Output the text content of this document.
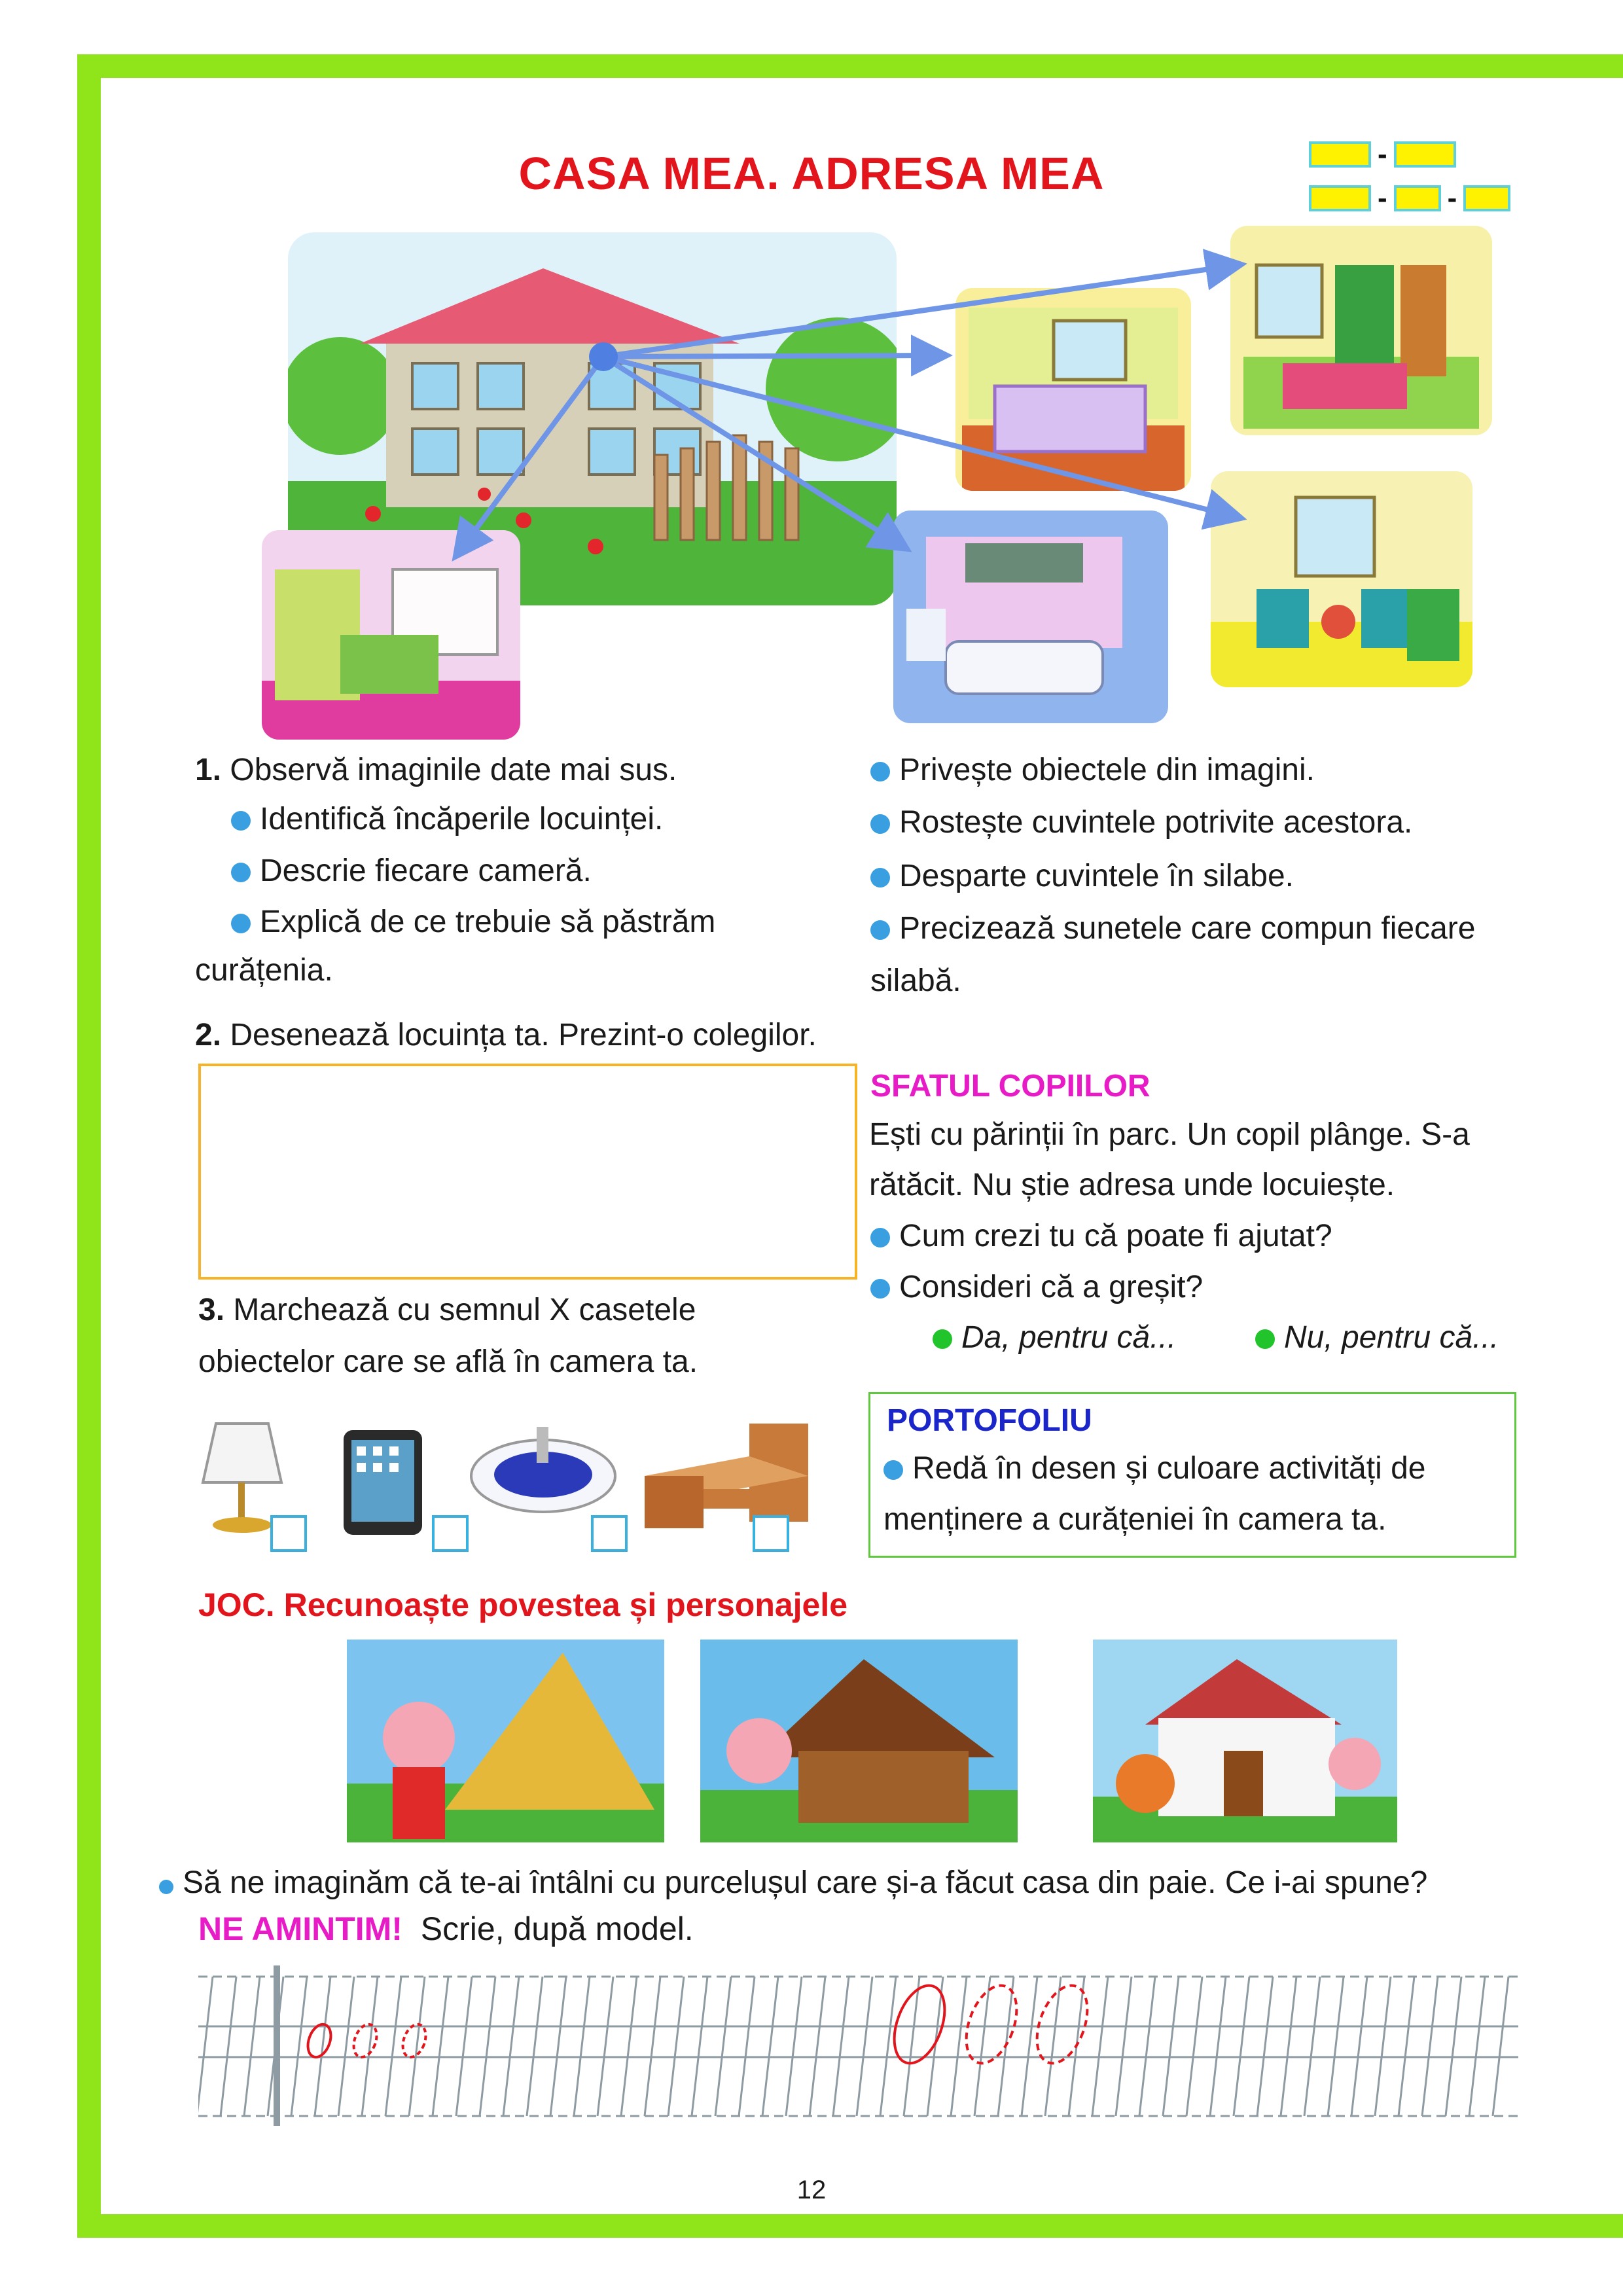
CASA MEA. ADRESA MEA	-
- -
1. Observă imaginile date mai sus.
Identifică încăperile locuinței.
Descrie fiecare cameră.
Explică de ce trebuie să păstrăm
curățenia.
Privește obiectele din imagini.
Rostește cuvintele potrivite acestora.
Desparte cuvintele în silabe.
Precizează sunetele care compun fiecare
silabă.
2. Desenează locuința ta. Prezint-o colegilor.
SFATUL COPIILOR
Ești cu părinții în parc. Un copil plânge. S-a
rătăcit. Nu știe adresa unde locuiește.
Cum crezi tu că poate fi ajutat?
Consideri că a greșit?
Da, pentru că...	Nu, pentru că...
3. Marchează cu semnul X casetele
obiectelor care se află în camera ta.
PORTOFOLIU
Redă în desen și culoare activități de
menținere a curățeniei în camera ta.
JOC. Recunoaște povestea și personajele
Să ne imaginăm că te-ai întâlni cu purcelușul care și-a făcut casa din paie. Ce i-ai spune?
NE AMINTIM! Scrie, după model.
12
